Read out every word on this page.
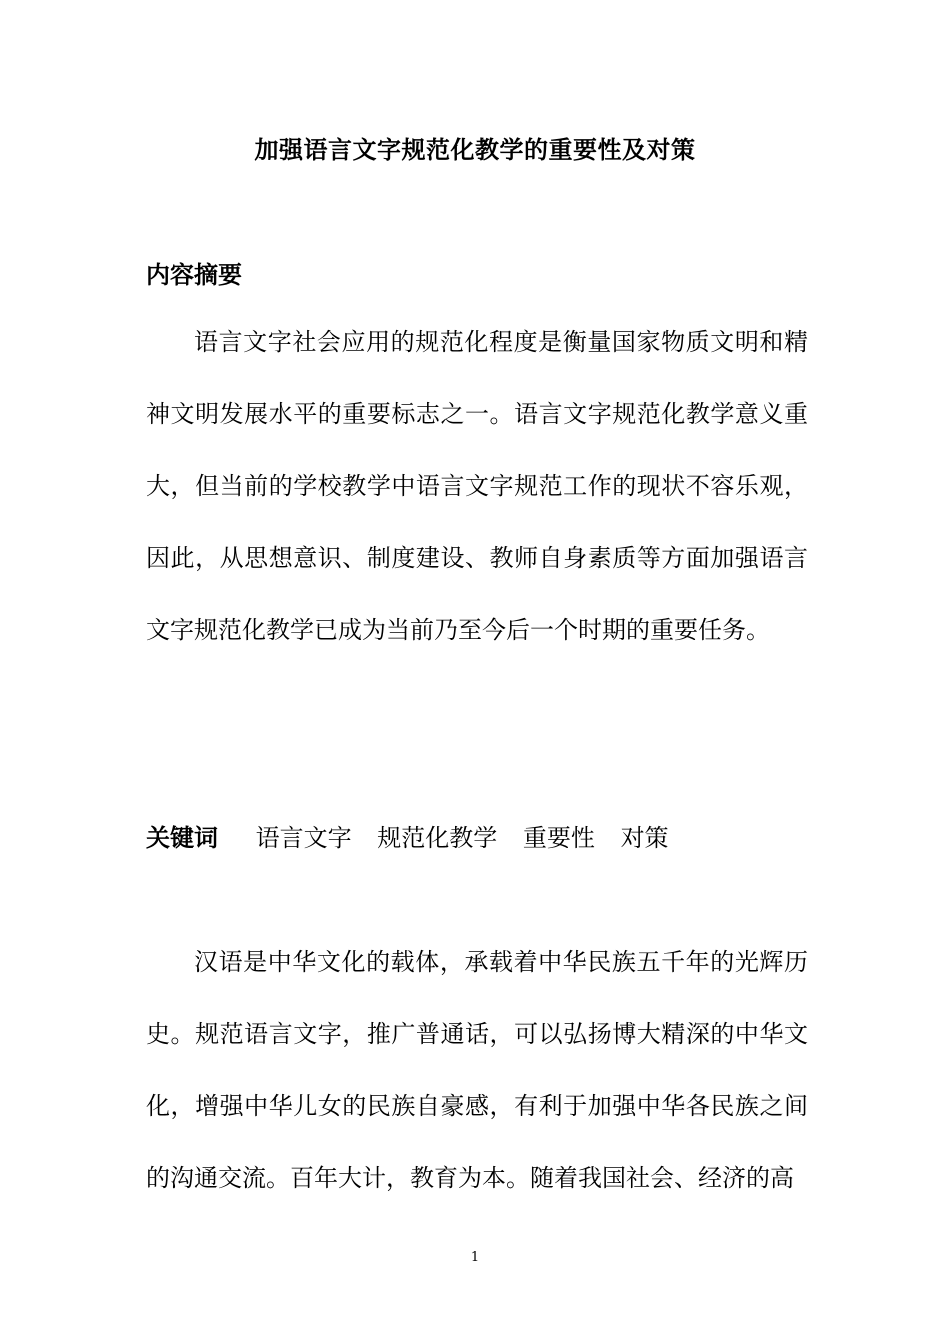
加强语言文字规范化教学的重要性及对策
内容摘要

语言文字社会应用的规范化程度是衡量国家物质文明和精神文明发展水平的重要标志之一。语言文字规范化教学意义重大，但当前的学校教学中语言文字规范工作的现状不容乐观，因此，从思想意识、制度建设、教师自身素质等方面加强语言文字规范化教学已成为当前乃至今后一个时期的重要任务。

关键词 语言文字 规范化教学 重要性 对策

汉语是中华文化的载体，承载着中华民族五千年的光辉历史。规范语言文字，推广普通话，可以弘扬博大精深的中华文化，增强中华儿女的民族自豪感，有利于加强中华各民族之间的沟通交流。百年大计，教育为本。随着我国社会、经济的高

1
